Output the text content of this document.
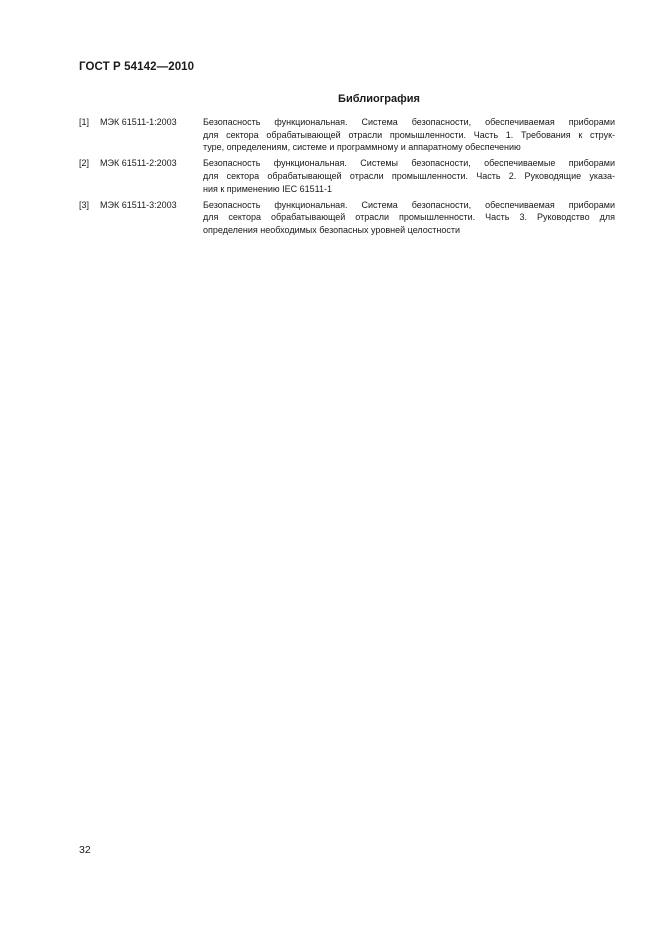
ГОСТ Р 54142—2010
Библиография
[1] МЭК 61511-1:2003	Безопасность функциональная. Система безопасности, обеспечиваемая приборами
для сектора обрабатывающей отрасли промышленности. Часть 1. Требования к струк-
туре, определениям, системе и программному и аппаратному обеспечению
[2] МЭК 61511-2:2003	Безопасность функциональная. Системы безопасности, обеспечиваемые приборами
для сектора обрабатывающей отрасли промышленности. Часть 2. Руководящие указа-
ния к применению IEC 61511-1
[3] МЭК 61511-3:2003	Безопасность функциональная. Система безопасности, обеспечиваемая приборами
для сектора обрабатывающей отрасли промышленности. Часть 3. Руководство для
определения необходимых безопасных уровней целостности
32
